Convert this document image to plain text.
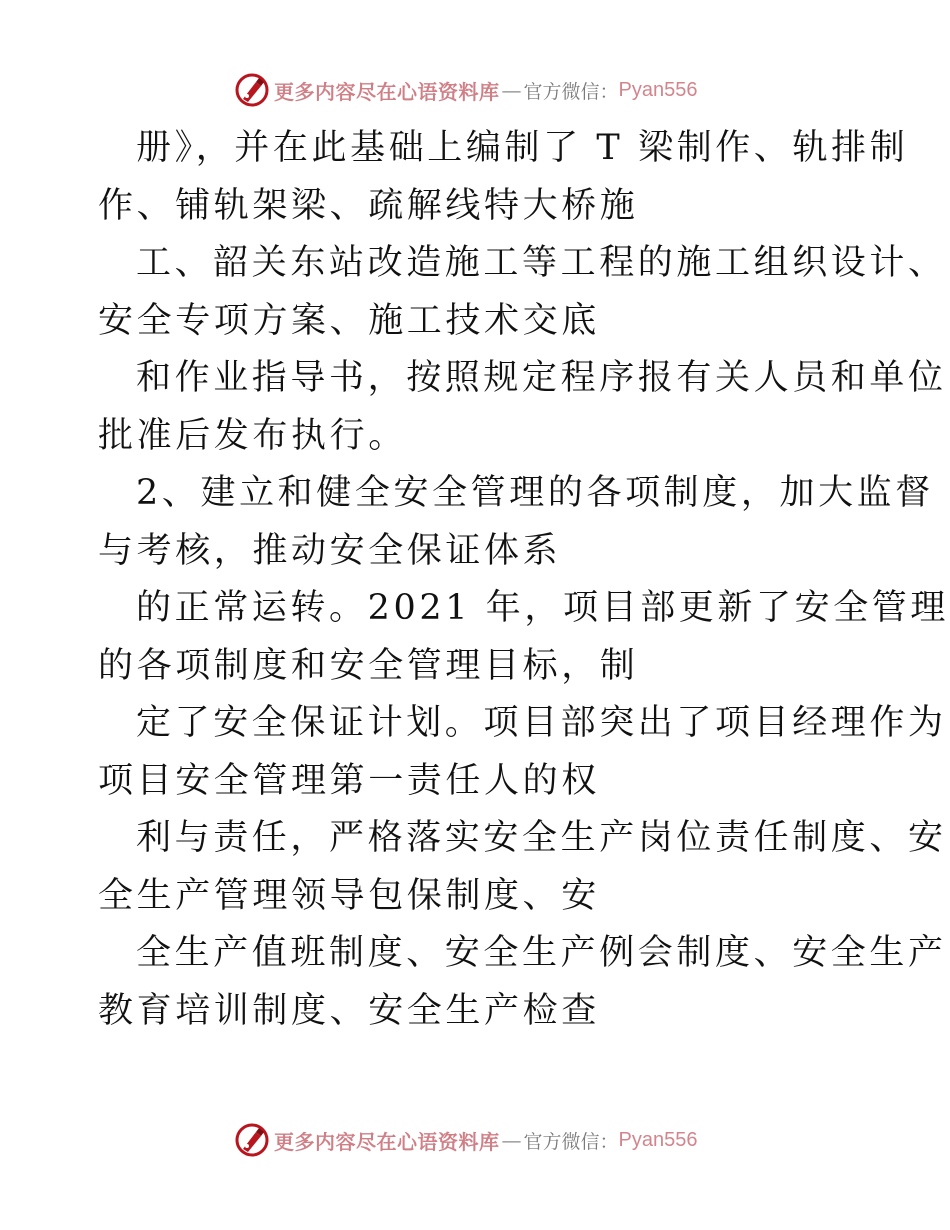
更多内容尽在心语资料库 — 官方微信： Pyan556
册》，并在此基础上编制了 T 梁制作、轨排制
作、铺轨架梁、疏解线特大桥施
工、韶关东站改造施工等工程的施工组织设计、
安全专项方案、施工技术交底
和作业指导书，按照规定程序报有关人员和单位
批准后发布执行。
2、建立和健全安全管理的各项制度，加大监督
与考核，推动安全保证体系
的正常运转。2021 年，项目部更新了安全管理
的各项制度和安全管理目标，制
定了安全保证计划。项目部突出了项目经理作为
项目安全管理第一责任人的权
利与责任，严格落实安全生产岗位责任制度、安
全生产管理领导包保制度、安
全生产值班制度、安全生产例会制度、安全生产
教育培训制度、安全生产检查
更多内容尽在心语资料库 — 官方微信： Pyan556
